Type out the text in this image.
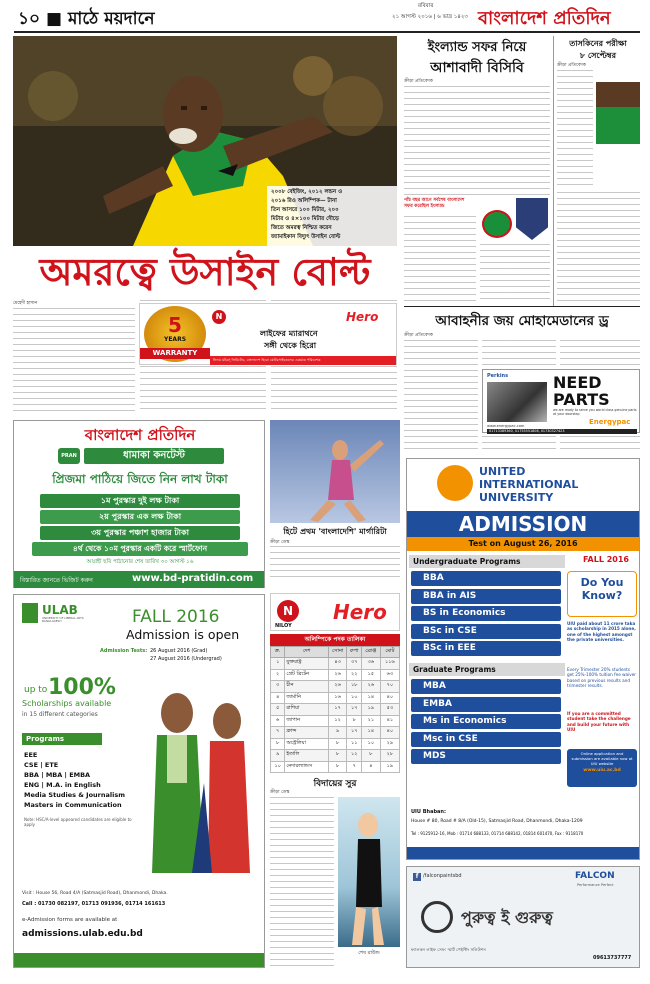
১০ ■ মাঠে ময়দানে
রবিবার
২১ আগস্ট ২০১৬ | ৬ ভাদ্র ১৪২৩ বাংলাদেশ প্রতিদিন
২০০৮ বেইজিং, ২০১২ লন্ডন ও
২০১৬ রিও অলিম্পিক— টানা
তিন আসরে ১০০ মিটার, ২০০
মিটার ও ৪×১০০ মিটার দৌড়ে
জিতে অমরত্ব নিশ্চিত করেন
জ্যামাইকান বিদ্যুৎ উসাইন বোল্ট
অমরত্বে উসাইন বোল্ট
মেহেদী হাসান
5
YEARS
WARRANTY
N	Hero
লাইফের ম্যারাথনে
সঙ্গী থেকে হিরো
নিলয় মটরস্ লিমিটেড, বাংলাদেশ হিরো মোটরসাইকেলের একমাত্র পরিবেশক
ইংল্যান্ড সফর নিয়ে
আশাবাদী বিসিবি
ক্রীড়া প্রতিবেদক
পাঁচ বছর আগে সর্বশেষ বাংলাদেশ সফর করেছিল ইংল্যান্ড
তাসকিনের পরীক্ষা
৮ সেপ্টেম্বর
ক্রীড়া প্রতিবেদক
আবাহনীর জয় মোহামেডানের ড্র
ক্রীড়া প্রতিবেদক
Perkins	NEED
PARTS
we are ready to serve you world class genuine parts at your doorstep
Energypac
www.energypac.com
01713389360, 01755551808, 01730327423
বাংলাদেশ প্রতিদিন
PRAN	ধামাকা কনটেস্ট
প্রিজমা পাঠিয়ে জিতে নিন লাখ টাকা
১ম পুরস্কার দুই লক্ষ টাকা
২য় পুরস্কার এক লক্ষ টাকা
৩য় পুরস্কার পঞ্চাশ হাজার টাকা
৪র্থ থেকে ১০ম পুরস্কার একটি করে স্মার্টফোন
আগ্রহী ছবি পাঠানোর শেষ তারিখ ৩০ আগস্ট ১৬
বিস্তারিত জানতে ভিজিট করুন	www.bd-pratidin.com
ULAB
UNIVERSITY OF LIBERAL ARTS BANGLADESH	FALL 2016
Admission is open
Admission Tests: 26 August 2016 (Grad)
27 August 2016 (Undergrad)
up to 100%
Scholarships available
in 15 different categories
Programs
EEE
CSE | ETE
BBA | MBA | EMBA
ENG | M.A. in English
Media Studies & Journalism
Masters in Communication
Note: HSC/A-level appeared candidates are eligible to apply
Visit : House 56, Road 4/A (Satmasjid Road), Dhanmondi, Dhaka.
Call : 01730 082197, 01713 091936, 01714 161613
e-Admission forms are available at
admissions.ulab.edu.bd
হিটে প্রথম 'বাংলাদেশি' মার্গারিটা
ক্রীড়া ডেস্ক
N
NILOY
Hero
অলিম্পিকে পদক তালিকা
ক্র.	দেশ	সোনা	রুপা	ব্রোঞ্জ	মোট
১	যুক্তরাষ্ট্র	৪৩	৩৭	৩৬	১১৬
২	গ্রেট ব্রিটেন	২৬	২২	১৫	৬৩
৩	চীন	২৬	১৮	২৬	৭০
৪	জার্মানি	১৬	১০	১৪	৪০
৫	রাশিয়া	১৭	১৭	১৯	৫৩
৬	জাপান	১২	৮	২১	৪১
৭	ফ্রান্স	৯	১৭	১৪	৪০
৮	অস্ট্রেলিয়া	৮	১১	১০	২৯
৯	ইতালি	৮	১২	৮	২৮
১০	নেদারল্যান্ডস	৮	৭	৪	১৯
বিদায়ের সুর
ক্রীড়া ডেস্ক
শেষ রাউন্ড
UNITED
INTERNATIONAL
UNIVERSITY
ADMISSION
Test on August 26, 2016
Undergraduate Programs
BBA
BBA in AIS
BS in Economics
BSc in CSE
BSc in EEE
Graduate Programs
MBA
EMBA
Ms in Economics
Msc in CSE
MDS
FALL 2016
Do You
Know?
UIU paid about 11 crore taka as scholarship in 2015 alone, one of the highest amongst the private universities.
Every Trimester 20% students get 25%-100% tuition fee waiver based on previous results and trimester results.
If you are a committed student take the challenge and build your future with UIU
Online application and submission are available now at UIU website
www.uiu.ac.bd
UIU Bhaban:
House # 80, Road # 8/A (Old-15), Satmasjid Road, Dhanmondi, Dhaka-1209
Tel : 9125912-16, Mob : 01714 688133, 01714 688142, 01814 601470, Fax : 9118170
f /falconpaintsbd	FALCON
Performance Perfect
পুরুত্ব ই গুরুত্ব
ফ্যালকন লাইফ সেফ: স্মার্ট পেইন্টিং সলিউশন
09613737777
